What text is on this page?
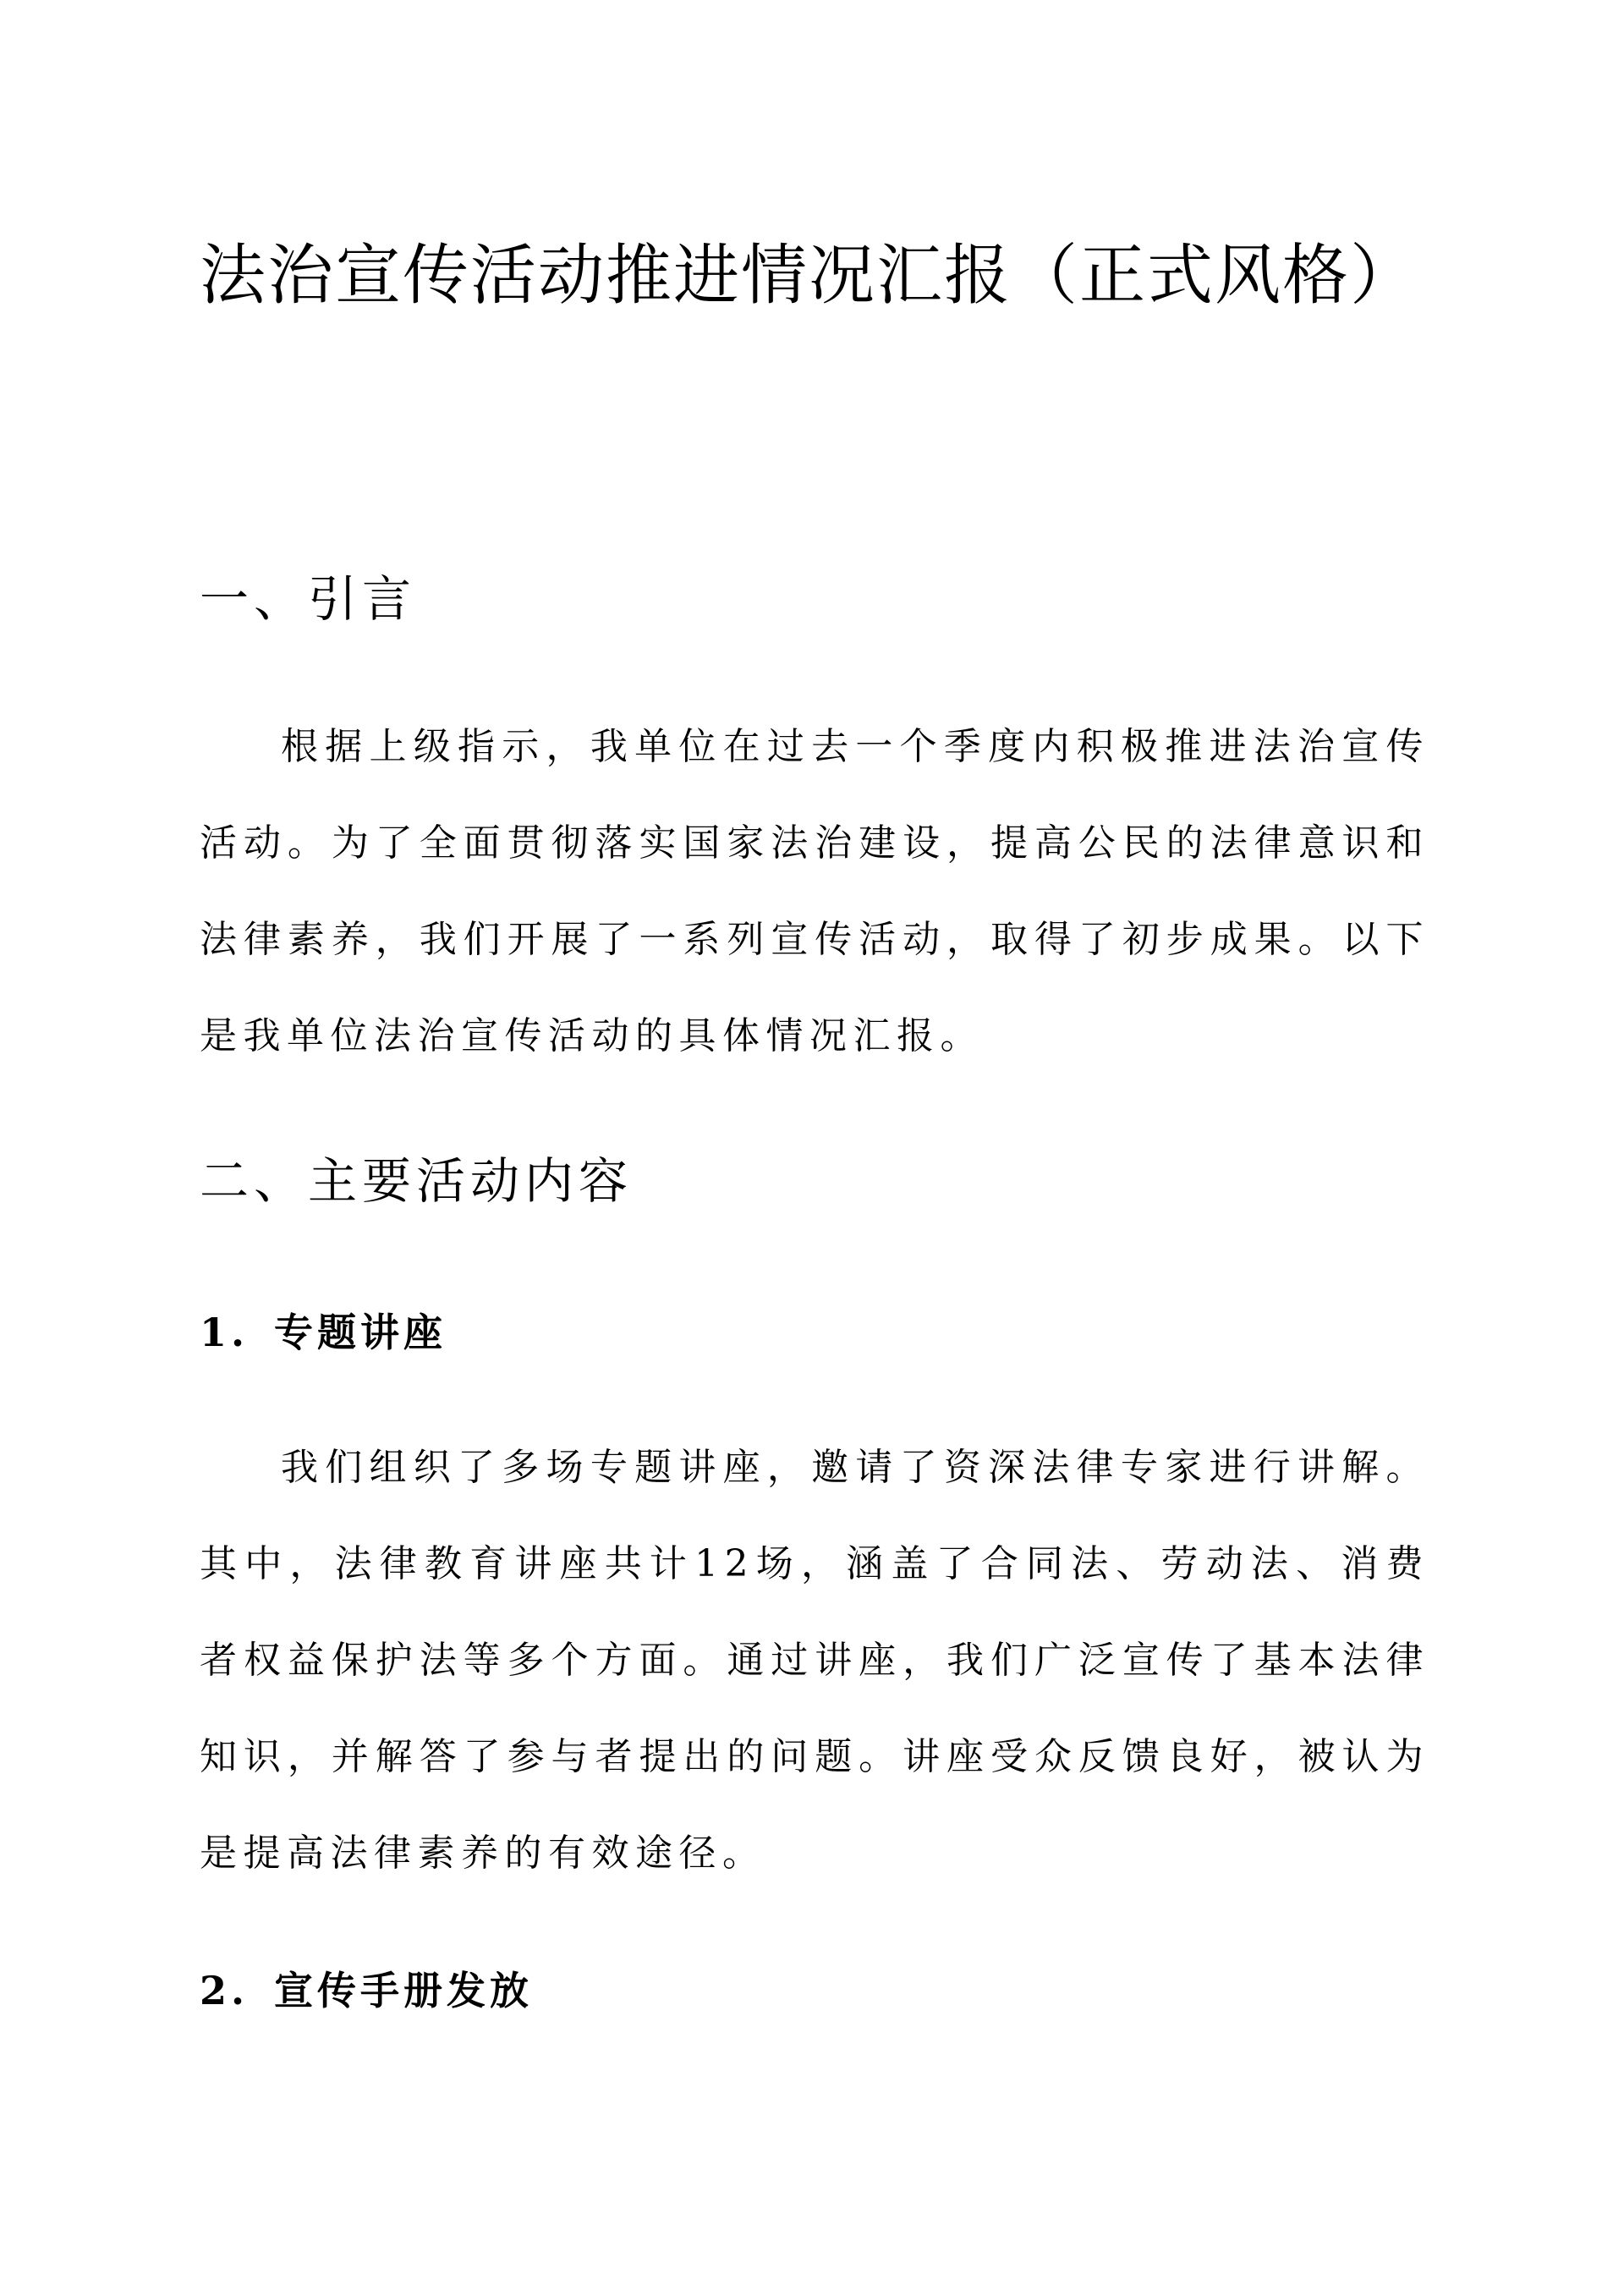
法治宣传活动推进情况汇报（正式风格）
一、引言

根据上级指示，我单位在过去一个季度内积极推进法治宣传活动。为了全面贯彻落实国家法治建设，提高公民的法律意识和法律素养，我们开展了一系列宣传活动，取得了初步成果。以下是我单位法治宣传活动的具体情况汇报。

二、主要活动内容
1. 专题讲座

我们组织了多场专题讲座，邀请了资深法律专家进行讲解。其中，法律教育讲座共计12场，涵盖了合同法、劳动法、消费者权益保护法等多个方面。通过讲座，我们广泛宣传了基本法律知识，并解答了参与者提出的问题。讲座受众反馈良好，被认为是提高法律素养的有效途径。

2. 宣传手册发放
